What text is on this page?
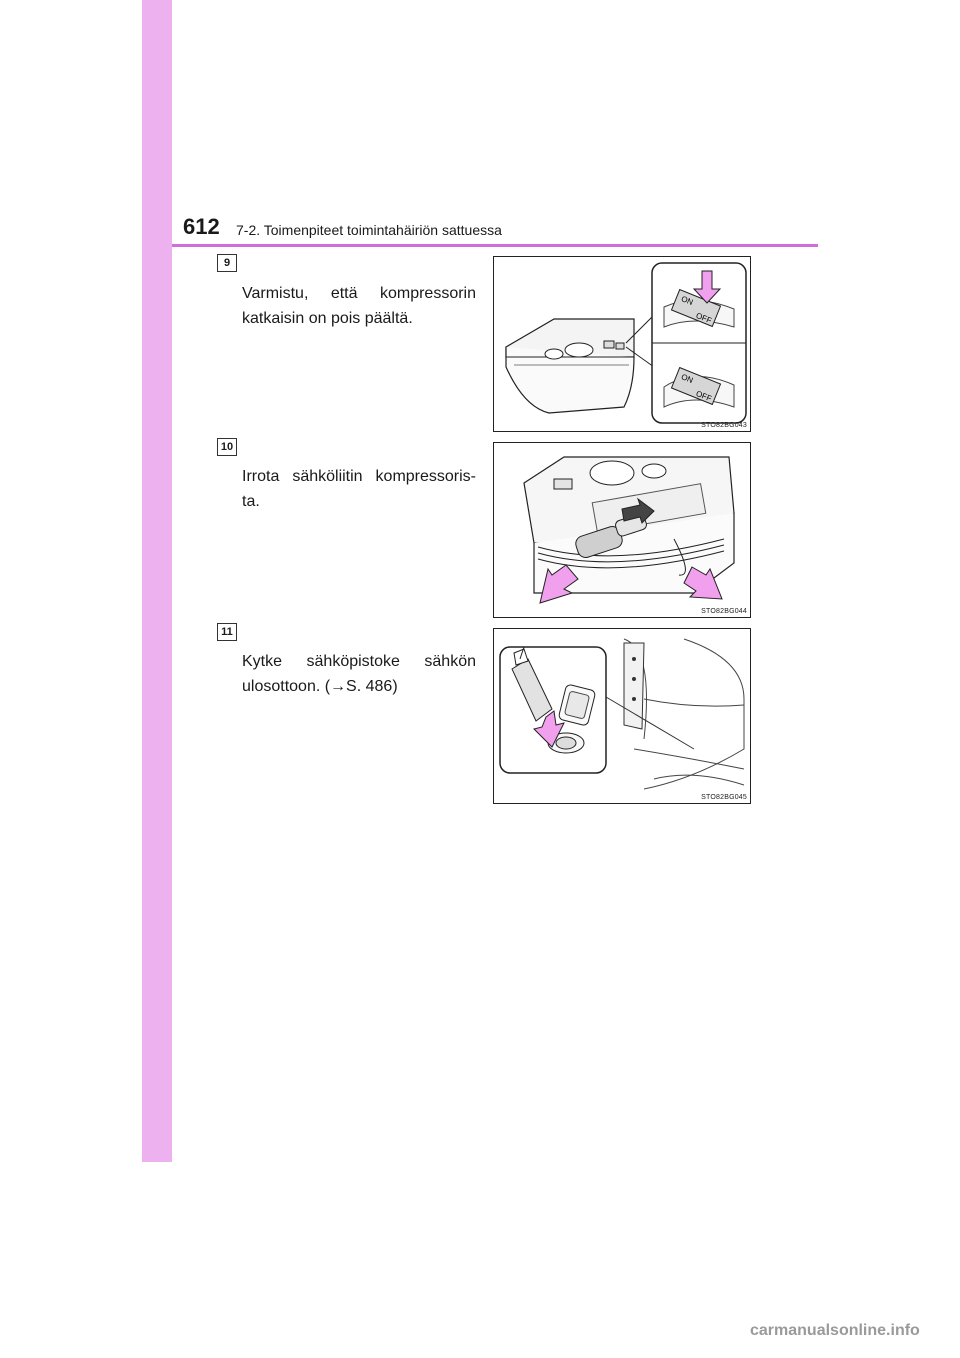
612 7-2. Toimenpiteet toimintahäiriön sattuessa
9
Varmistu, että kompressorin katkaisin on pois päältä.
ON
OFF
ON
OFF
STO82BG043
10
Irrota sähköliitin kompressoris- ta.
STO82BG044
11
Kytke sähköpistoke sähkön ulosottoon. (→S. 486)
STO82BG045
carmanualsonline.info
